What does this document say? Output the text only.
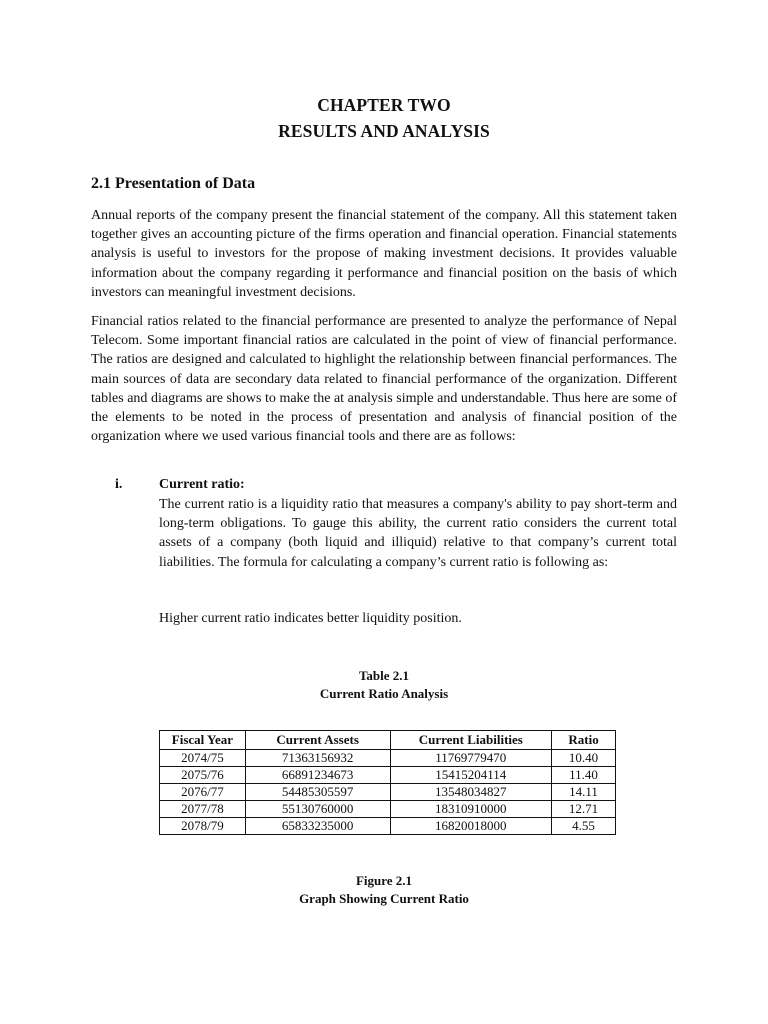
CHAPTER TWO
RESULTS AND ANALYSIS
2.1 Presentation of Data

Annual reports of the company present the financial statement of the company. All this statement taken together gives an accounting picture of the firms operation and financial operation. Financial statements analysis is useful to investors for the propose of making investment decisions. It provides valuable information about the company regarding it performance and financial position on the basis of which investors can meaningful investment decisions.

Financial ratios related to the financial performance are presented to analyze the performance of Nepal Telecom. Some important financial ratios are calculated in the point of view of financial performance. The ratios are designed and calculated to highlight the relationship between financial performances. The main sources of data are secondary data related to financial performance of the organization. Different tables and diagrams are shows to make the at analysis simple and understandable. Thus here are some of the elements to be noted in the process of presentation and analysis of financial position of the organization where we used various financial tools and there are as follows:

i.	Current ratio:

The current ratio is a liquidity ratio that measures a company's ability to pay short-term and long-term obligations. To gauge this ability, the current ratio considers the current total assets of a company (both liquid and illiquid) relative to that company’s current total liabilities. The formula for calculating a company’s current ratio is following as:

Higher current ratio indicates better liquidity position.
Table 2.1
Current Ratio Analysis
Fiscal Year	Current Assets	Current Liabilities	Ratio
2074/75	71363156932	11769779470	10.40
2075/76	66891234673	15415204114	11.40
2076/77	54485305597	13548034827	14.11
2077/78	55130760000	18310910000	12.71
2078/79	65833235000	16820018000	4.55
Figure 2.1
Graph Showing Current Ratio
